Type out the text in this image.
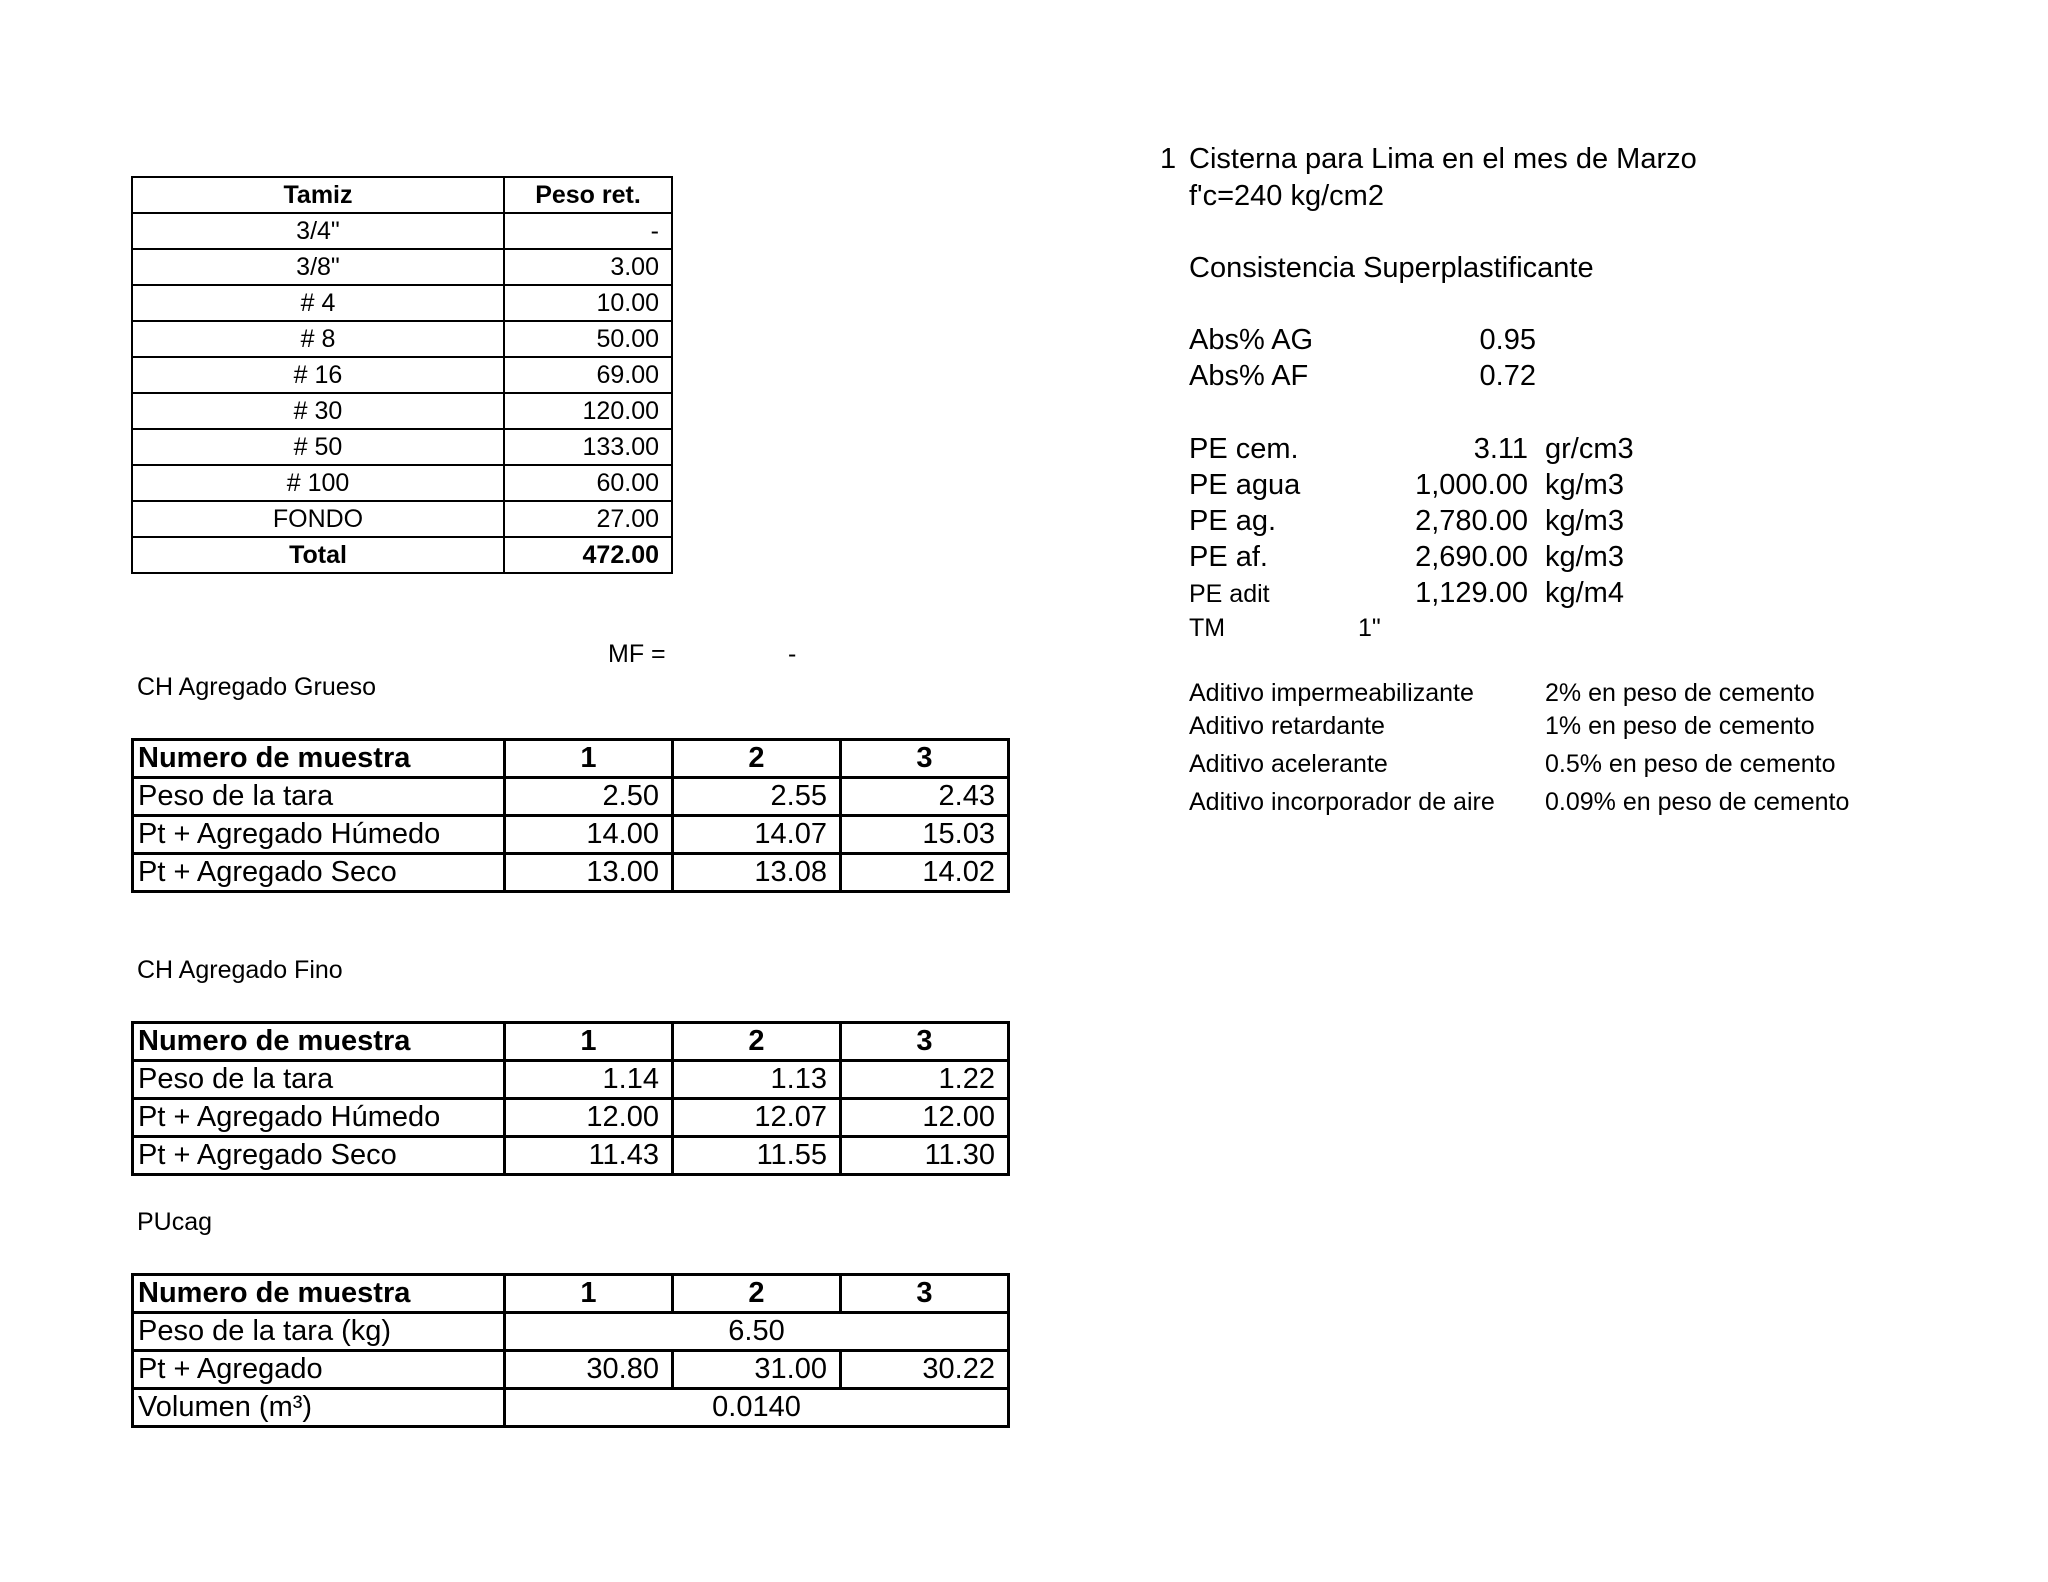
Tamiz	Peso ret.
3/4"	-
3/8"	3.00
# 4	10.00
# 8	50.00
# 16	69.00
# 30	120.00
# 50	133.00
# 100	60.00
FONDO	27.00
Total	472.00
MF =	-
CH Agregado Grueso
Numero de muestra	1	2	3
Peso de la tara	2.50	2.55	2.43
Pt + Agregado Húmedo	14.00	14.07	15.03
Pt + Agregado Seco	13.00	13.08	14.02
CH Agregado Fino
Numero de muestra	1	2	3
Peso de la tara	1.14	1.13	1.22
Pt + Agregado Húmedo	12.00	12.07	12.00
Pt + Agregado Seco	11.43	11.55	11.30
PUcag
Numero de muestra	1	2	3
Peso de la tara (kg)	6.50		
Pt + Agregado	30.80	31.00	30.22
Volumen (m³)	0.0140		
1 Cisterna para Lima en el mes de Marzo
f'c=240 kg/cm2
Consistencia Superplastificante
Abs% AG	0.95
Abs% AF	0.72
PE cem.	3.11 gr/cm3
PE agua	1,000.00 kg/m3
PE ag.	2,780.00 kg/m3
PE af.	2,690.00 kg/m3
PE adit	1,129.00 kg/m4
TM	1"
Aditivo impermeabilizante	2% en peso de cemento
Aditivo retardante	1% en peso de cemento
Aditivo acelerante	0.5% en peso de cemento
Aditivo incorporador de aire 0.09% en peso de cemento
